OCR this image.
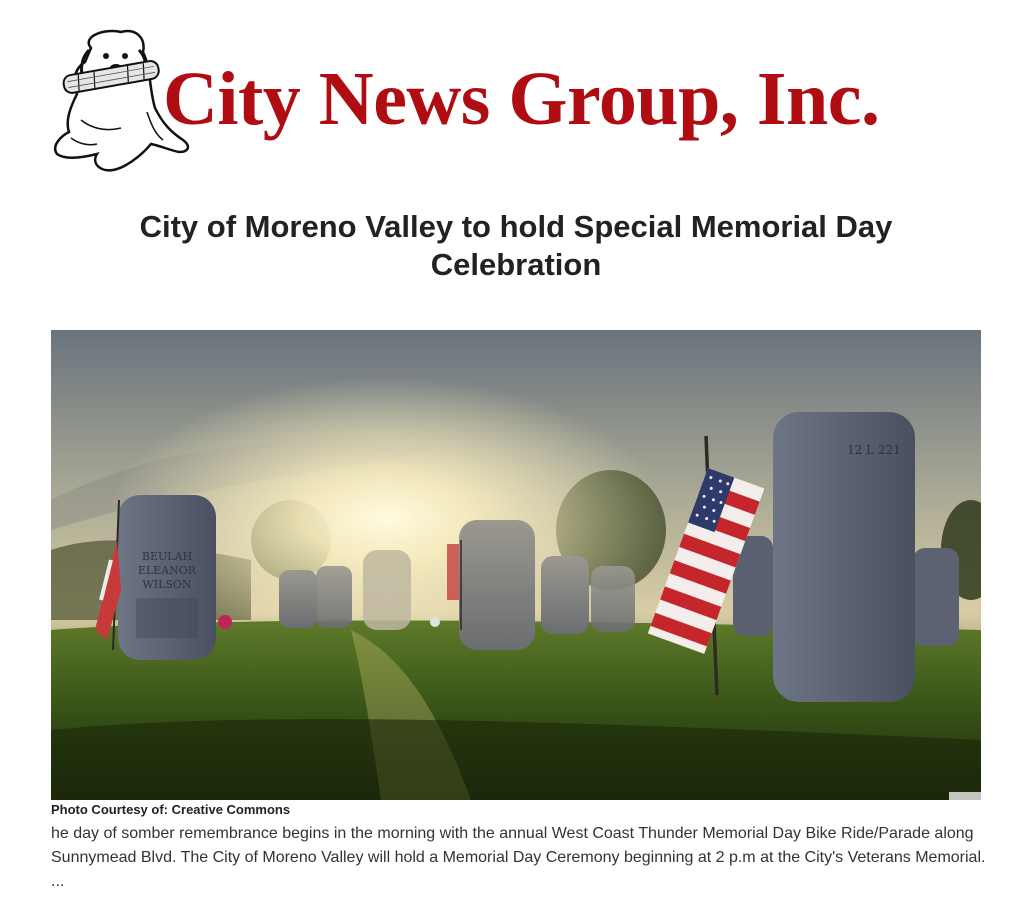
City News Group, Inc.
City of Moreno Valley to hold Special Memorial Day Celebration
BEULAH
ELEANOR
WILSON
12 L 221
Photo Courtesy of: Creative Commons

he day of somber remembrance begins in the morning with the annual West Coast Thunder Memorial Day Bike Ride/Parade along Sunnymead Blvd. The City of Moreno Valley will hold a Memorial Day Ceremony beginning at 2 p.m at the City's Veterans Memorial. ...
